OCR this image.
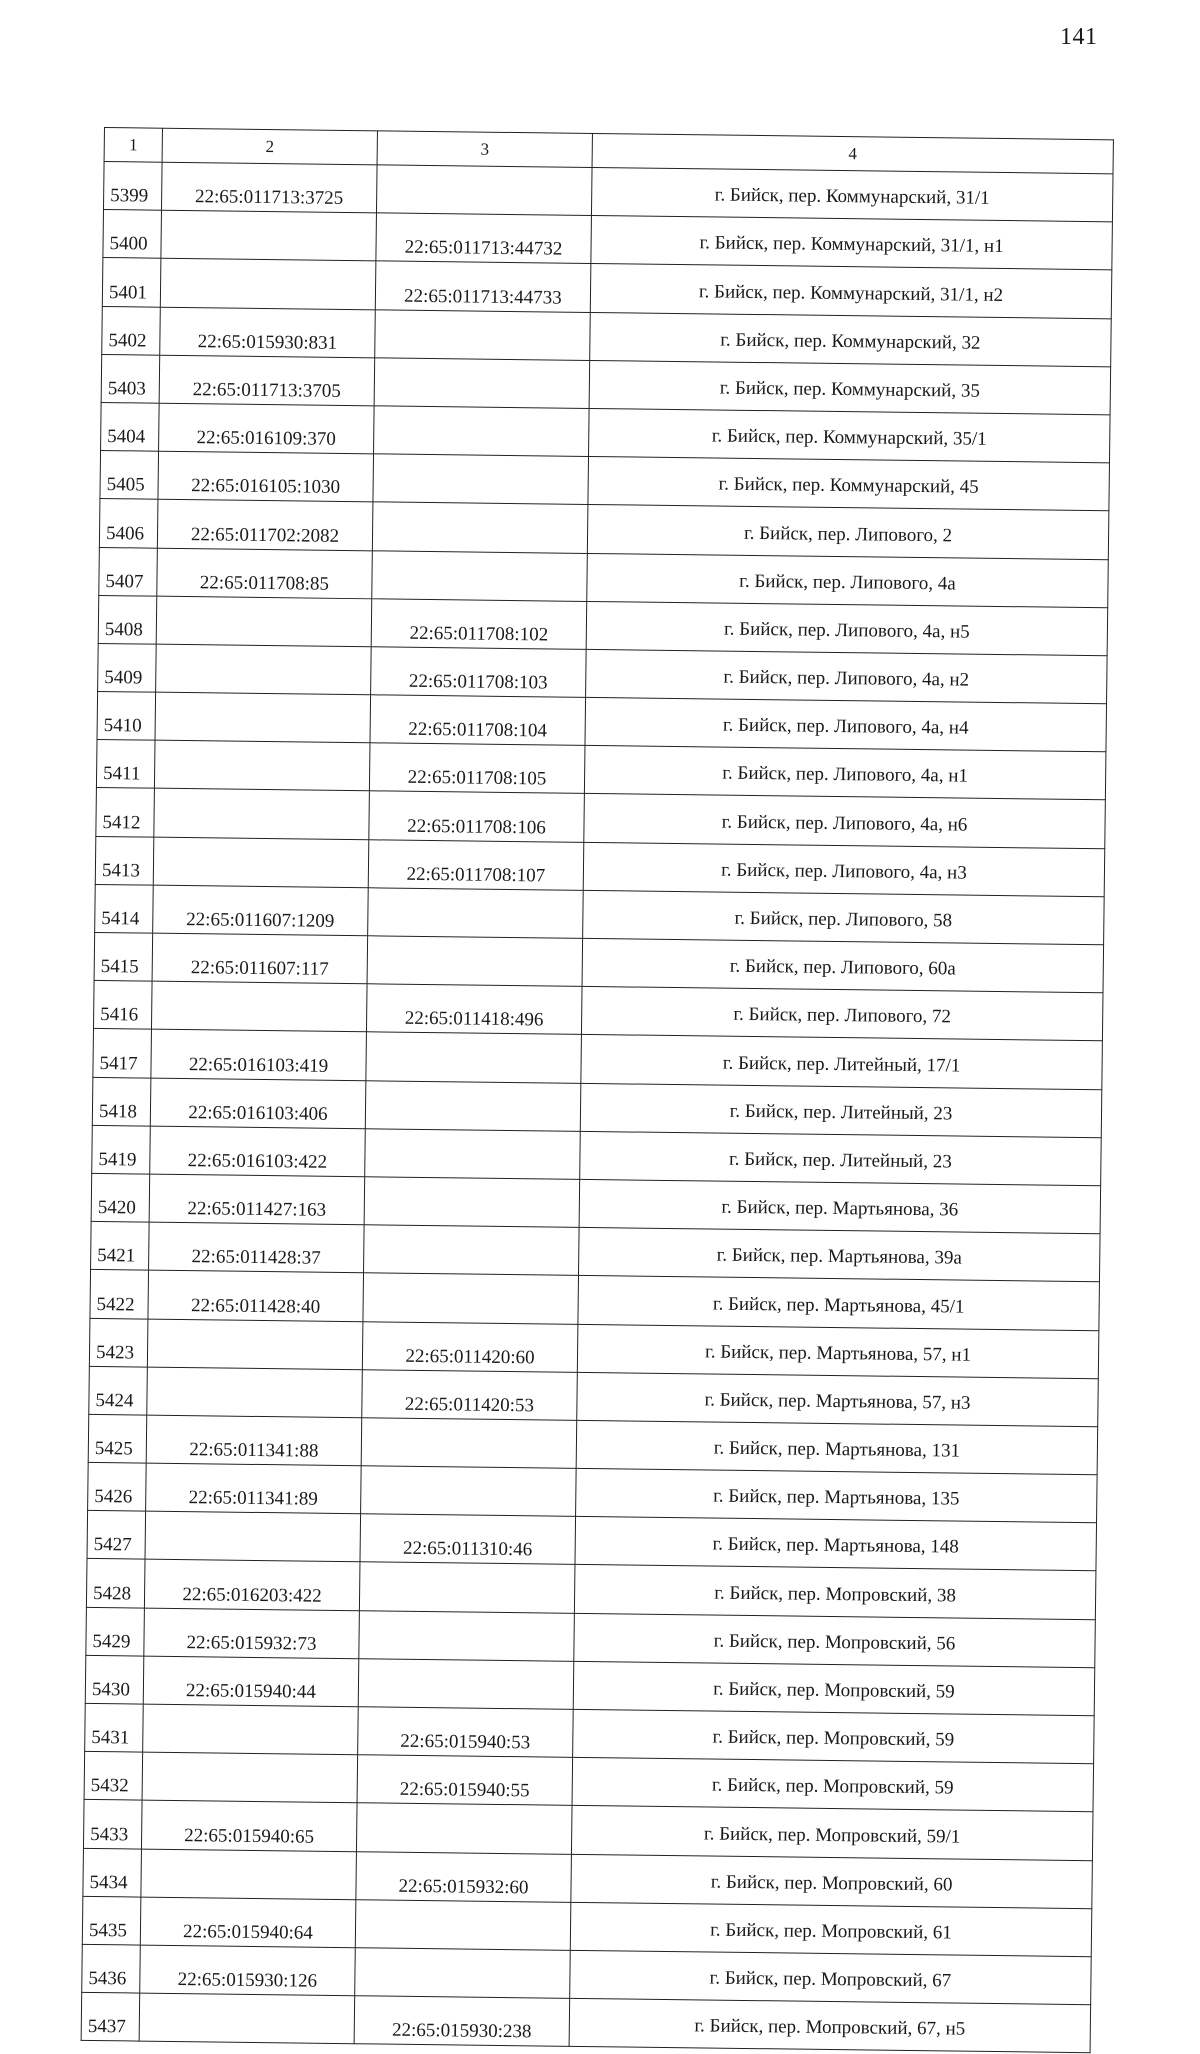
141
1	2	3	4
5399	22:65:011713:3725		г. Бийск, пер. Коммунарский, 31/1
5400		22:65:011713:44732	г. Бийск, пер. Коммунарский, 31/1, н1
5401		22:65:011713:44733	г. Бийск, пер. Коммунарский, 31/1, н2
5402	22:65:015930:831		г. Бийск, пер. Коммунарский, 32
5403	22:65:011713:3705		г. Бийск, пер. Коммунарский, 35
5404	22:65:016109:370		г. Бийск, пер. Коммунарский, 35/1
5405	22:65:016105:1030		г. Бийск, пер. Коммунарский, 45
5406	22:65:011702:2082		г. Бийск, пер. Липового, 2
5407	22:65:011708:85		г. Бийск, пер. Липового, 4а
5408		22:65:011708:102	г. Бийск, пер. Липового, 4а, н5
5409		22:65:011708:103	г. Бийск, пер. Липового, 4а, н2
5410		22:65:011708:104	г. Бийск, пер. Липового, 4а, н4
5411		22:65:011708:105	г. Бийск, пер. Липового, 4а, н1
5412		22:65:011708:106	г. Бийск, пер. Липового, 4а, н6
5413		22:65:011708:107	г. Бийск, пер. Липового, 4а, н3
5414	22:65:011607:1209		г. Бийск, пер. Липового, 58
5415	22:65:011607:117		г. Бийск, пер. Липового, 60а
5416		22:65:011418:496	г. Бийск, пер. Липового, 72
5417	22:65:016103:419		г. Бийск, пер. Литейный, 17/1
5418	22:65:016103:406		г. Бийск, пер. Литейный, 23
5419	22:65:016103:422		г. Бийск, пер. Литейный, 23
5420	22:65:011427:163		г. Бийск, пер. Мартьянова, 36
5421	22:65:011428:37		г. Бийск, пер. Мартьянова, 39а
5422	22:65:011428:40		г. Бийск, пер. Мартьянова, 45/1
5423		22:65:011420:60	г. Бийск, пер. Мартьянова, 57, н1
5424		22:65:011420:53	г. Бийск, пер. Мартьянова, 57, н3
5425	22:65:011341:88		г. Бийск, пер. Мартьянова, 131
5426	22:65:011341:89		г. Бийск, пер. Мартьянова, 135
5427		22:65:011310:46	г. Бийск, пер. Мартьянова, 148
5428	22:65:016203:422		г. Бийск, пер. Мопровский, 38
5429	22:65:015932:73		г. Бийск, пер. Мопровский, 56
5430	22:65:015940:44		г. Бийск, пер. Мопровский, 59
5431		22:65:015940:53	г. Бийск, пер. Мопровский, 59
5432		22:65:015940:55	г. Бийск, пер. Мопровский, 59
5433	22:65:015940:65		г. Бийск, пер. Мопровский, 59/1
5434		22:65:015932:60	г. Бийск, пер. Мопровский, 60
5435	22:65:015940:64		г. Бийск, пер. Мопровский, 61
5436	22:65:015930:126		г. Бийск, пер. Мопровский, 67
5437		22:65:015930:238	г. Бийск, пер. Мопровский, 67, н5
